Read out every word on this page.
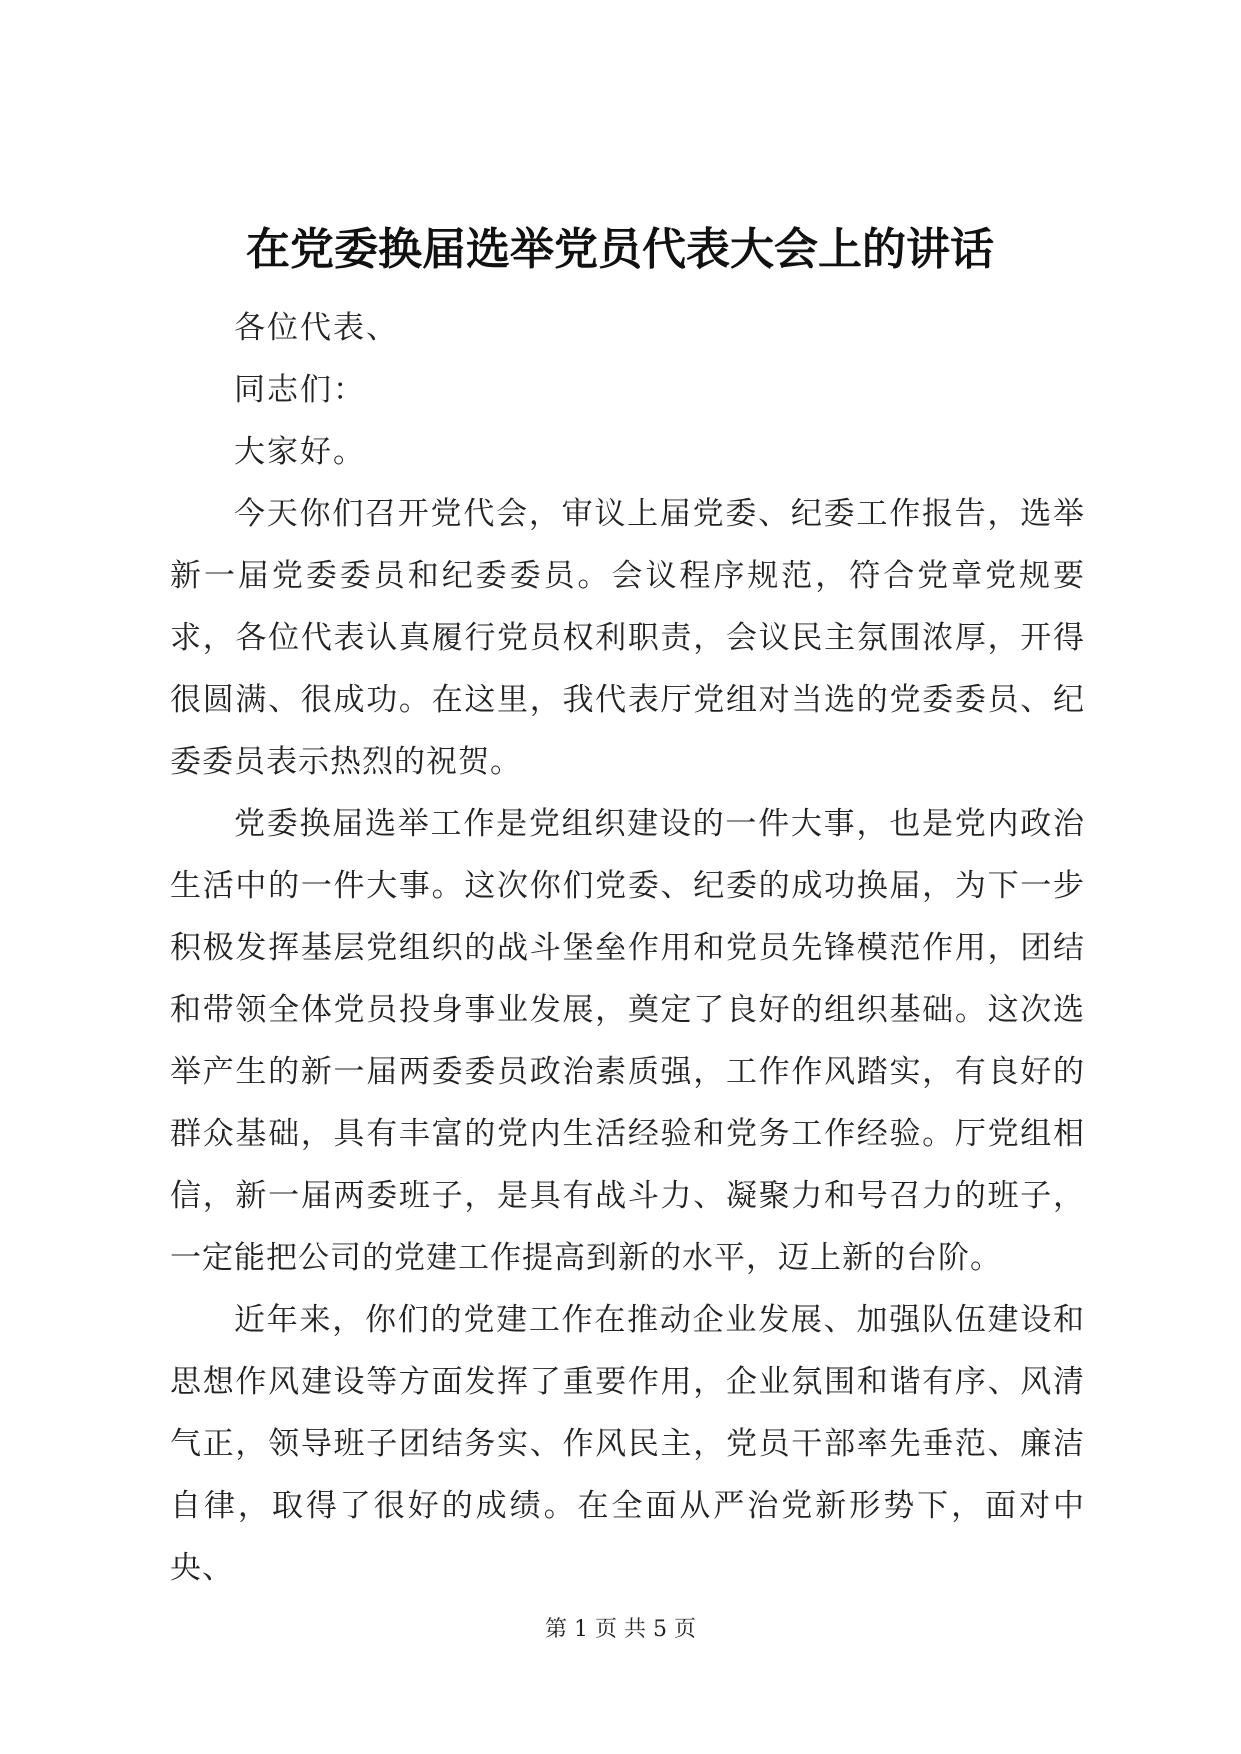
在党委换届选举党员代表大会上的讲话

各位代表、

同志们：

大家好。

今天你们召开党代会，审议上届党委、纪委工作报告，选举新一届党委委员和纪委委员。会议程序规范，符合党章党规要求，各位代表认真履行党员权利职责，会议民主氛围浓厚，开得很圆满、很成功。在这里，我代表厅党组对当选的党委委员、纪委委员表示热烈的祝贺。

党委换届选举工作是党组织建设的一件大事，也是党内政治生活中的一件大事。这次你们党委、纪委的成功换届，为下一步积极发挥基层党组织的战斗堡垒作用和党员先锋模范作用，团结和带领全体党员投身事业发展，奠定了良好的组织基础。这次选举产生的新一届两委委员政治素质强，工作作风踏实，有良好的群众基础，具有丰富的党内生活经验和党务工作经验。厅党组相信，新一届两委班子，是具有战斗力、凝聚力和号召力的班子，一定能把公司的党建工作提高到新的水平，迈上新的台阶。

近年来，你们的党建工作在推动企业发展、加强队伍建设和思想作风建设等方面发挥了重要作用，企业氛围和谐有序、风清气正，领导班子团结务实、作风民主，党员干部率先垂范、廉洁自律，取得了很好的成绩。在全面从严治党新形势下，面对中央、

第 1 页 共 5 页
